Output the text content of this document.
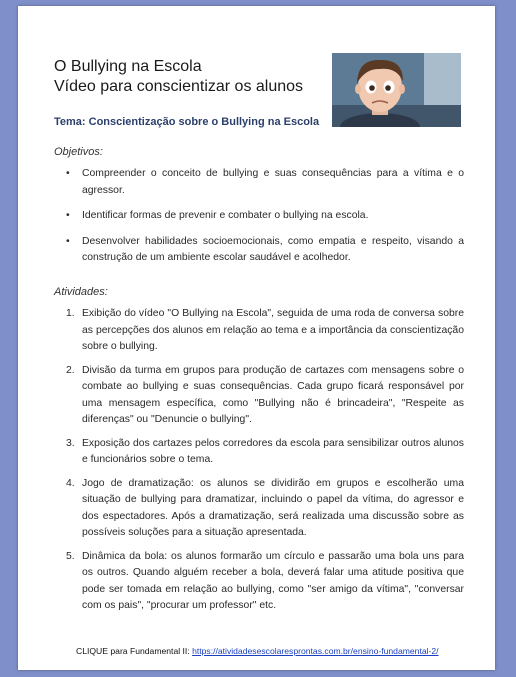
O Bullying na Escola
Vídeo para conscientizar os alunos
Tema: Conscientização sobre o Bullying na Escola
Objetivos:
• Compreender o conceito de bullying e suas consequências para a vítima e o agressor.
• Identificar formas de prevenir e combater o bullying na escola.
• Desenvolver habilidades socioemocionais, como empatia e respeito, visando a construção de um ambiente escolar saudável e acolhedor.
Atividades:
1. Exibição do vídeo "O Bullying na Escola", seguida de uma roda de conversa sobre as percepções dos alunos em relação ao tema e a importância da conscientização sobre o bullying.
2. Divisão da turma em grupos para produção de cartazes com mensagens sobre o combate ao bullying e suas consequências. Cada grupo ficará responsável por uma mensagem específica, como "Bullying não é brincadeira", "Respeite as diferenças" ou "Denuncie o bullying".
3. Exposição dos cartazes pelos corredores da escola para sensibilizar outros alunos e funcionários sobre o tema.
4. Jogo de dramatização: os alunos se dividirão em grupos e escolherão uma situação de bullying para dramatizar, incluindo o papel da vítima, do agressor e dos espectadores. Após a dramatização, será realizada uma discussão sobre as possíveis soluções para a situação apresentada.
5. Dinâmica da bola: os alunos formarão um círculo e passarão uma bola uns para os outros. Quando alguém receber a bola, deverá falar uma atitude positiva que pode ser tomada em relação ao bullying, como "ser amigo da vítima", "conversar com os pais", "procurar um professor" etc.
CLIQUE para Fundamental II: https://atividadesescolaresprontas.com.br/ensino-fundamental-2/
